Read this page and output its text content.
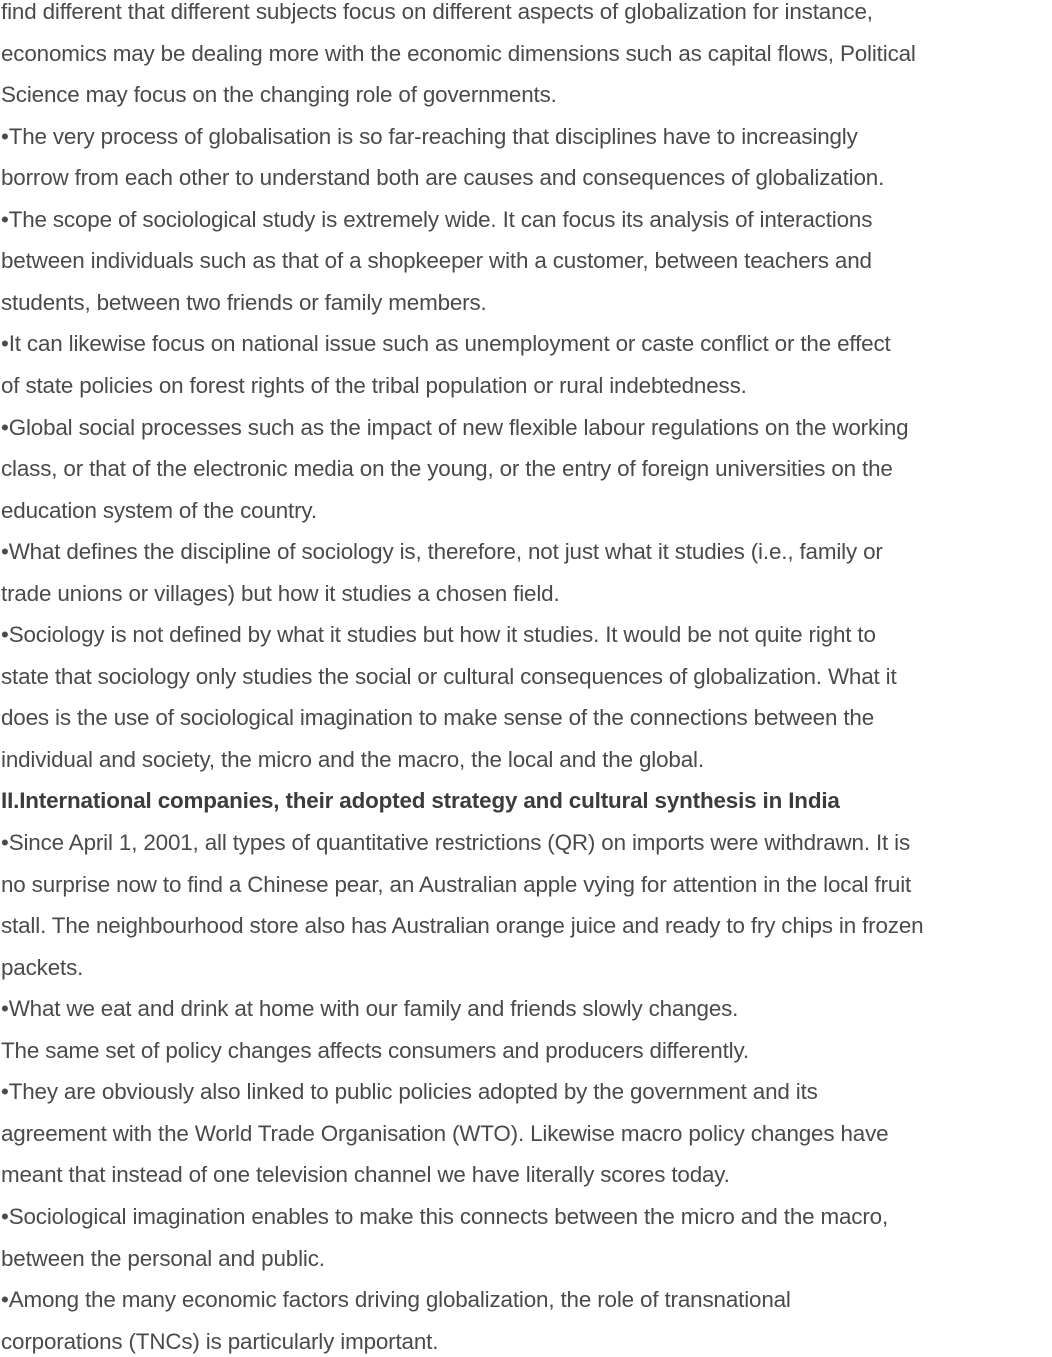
find different that different subjects focus on different aspects of globalization for instance,
economics may be dealing more with the economic dimensions such as capital flows, Political
Science may focus on the changing role of governments.
•The very process of globalisation is so far-reaching that disciplines have to increasingly
borrow from each other to understand both are causes and consequences of globalization.
•The scope of sociological study is extremely wide. It can focus its analysis of interactions
between individuals such as that of a shopkeeper with a customer, between teachers and
students, between two friends or family members.
•It can likewise focus on national issue such as unemployment or caste conflict or the effect
of state policies on forest rights of the tribal population or rural indebtedness.
•Global social processes such as the impact of new flexible labour regulations on the working
class, or that of the electronic media on the young, or the entry of foreign universities on the
education system of the country.
•What defines the discipline of sociology is, therefore, not just what it studies (i.e., family or
trade unions or villages) but how it studies a chosen field.
•Sociology is not defined by what it studies but how it studies. It would be not quite right to
state that sociology only studies the social or cultural consequences of globalization. What it
does is the use of sociological imagination to make sense of the connections between the
individual and society, the micro and the macro, the local and the global.
II.International companies, their adopted strategy and cultural synthesis in India
•Since April 1, 2001, all types of quantitative restrictions (QR) on imports were withdrawn. It is
no surprise now to find a Chinese pear, an Australian apple vying for attention in the local fruit
stall. The neighbourhood store also has Australian orange juice and ready to fry chips in frozen
packets.
•What we eat and drink at home with our family and friends slowly changes.
The same set of policy changes affects consumers and producers differently.
•They are obviously also linked to public policies adopted by the government and its
agreement with the World Trade Organisation (WTO). Likewise macro policy changes have
meant that instead of one television channel we have literally scores today.
•Sociological imagination enables to make this connects between the micro and the macro,
between the personal and public.
•Among the many economic factors driving globalization, the role of transnational
corporations (TNCs) is particularly important.
